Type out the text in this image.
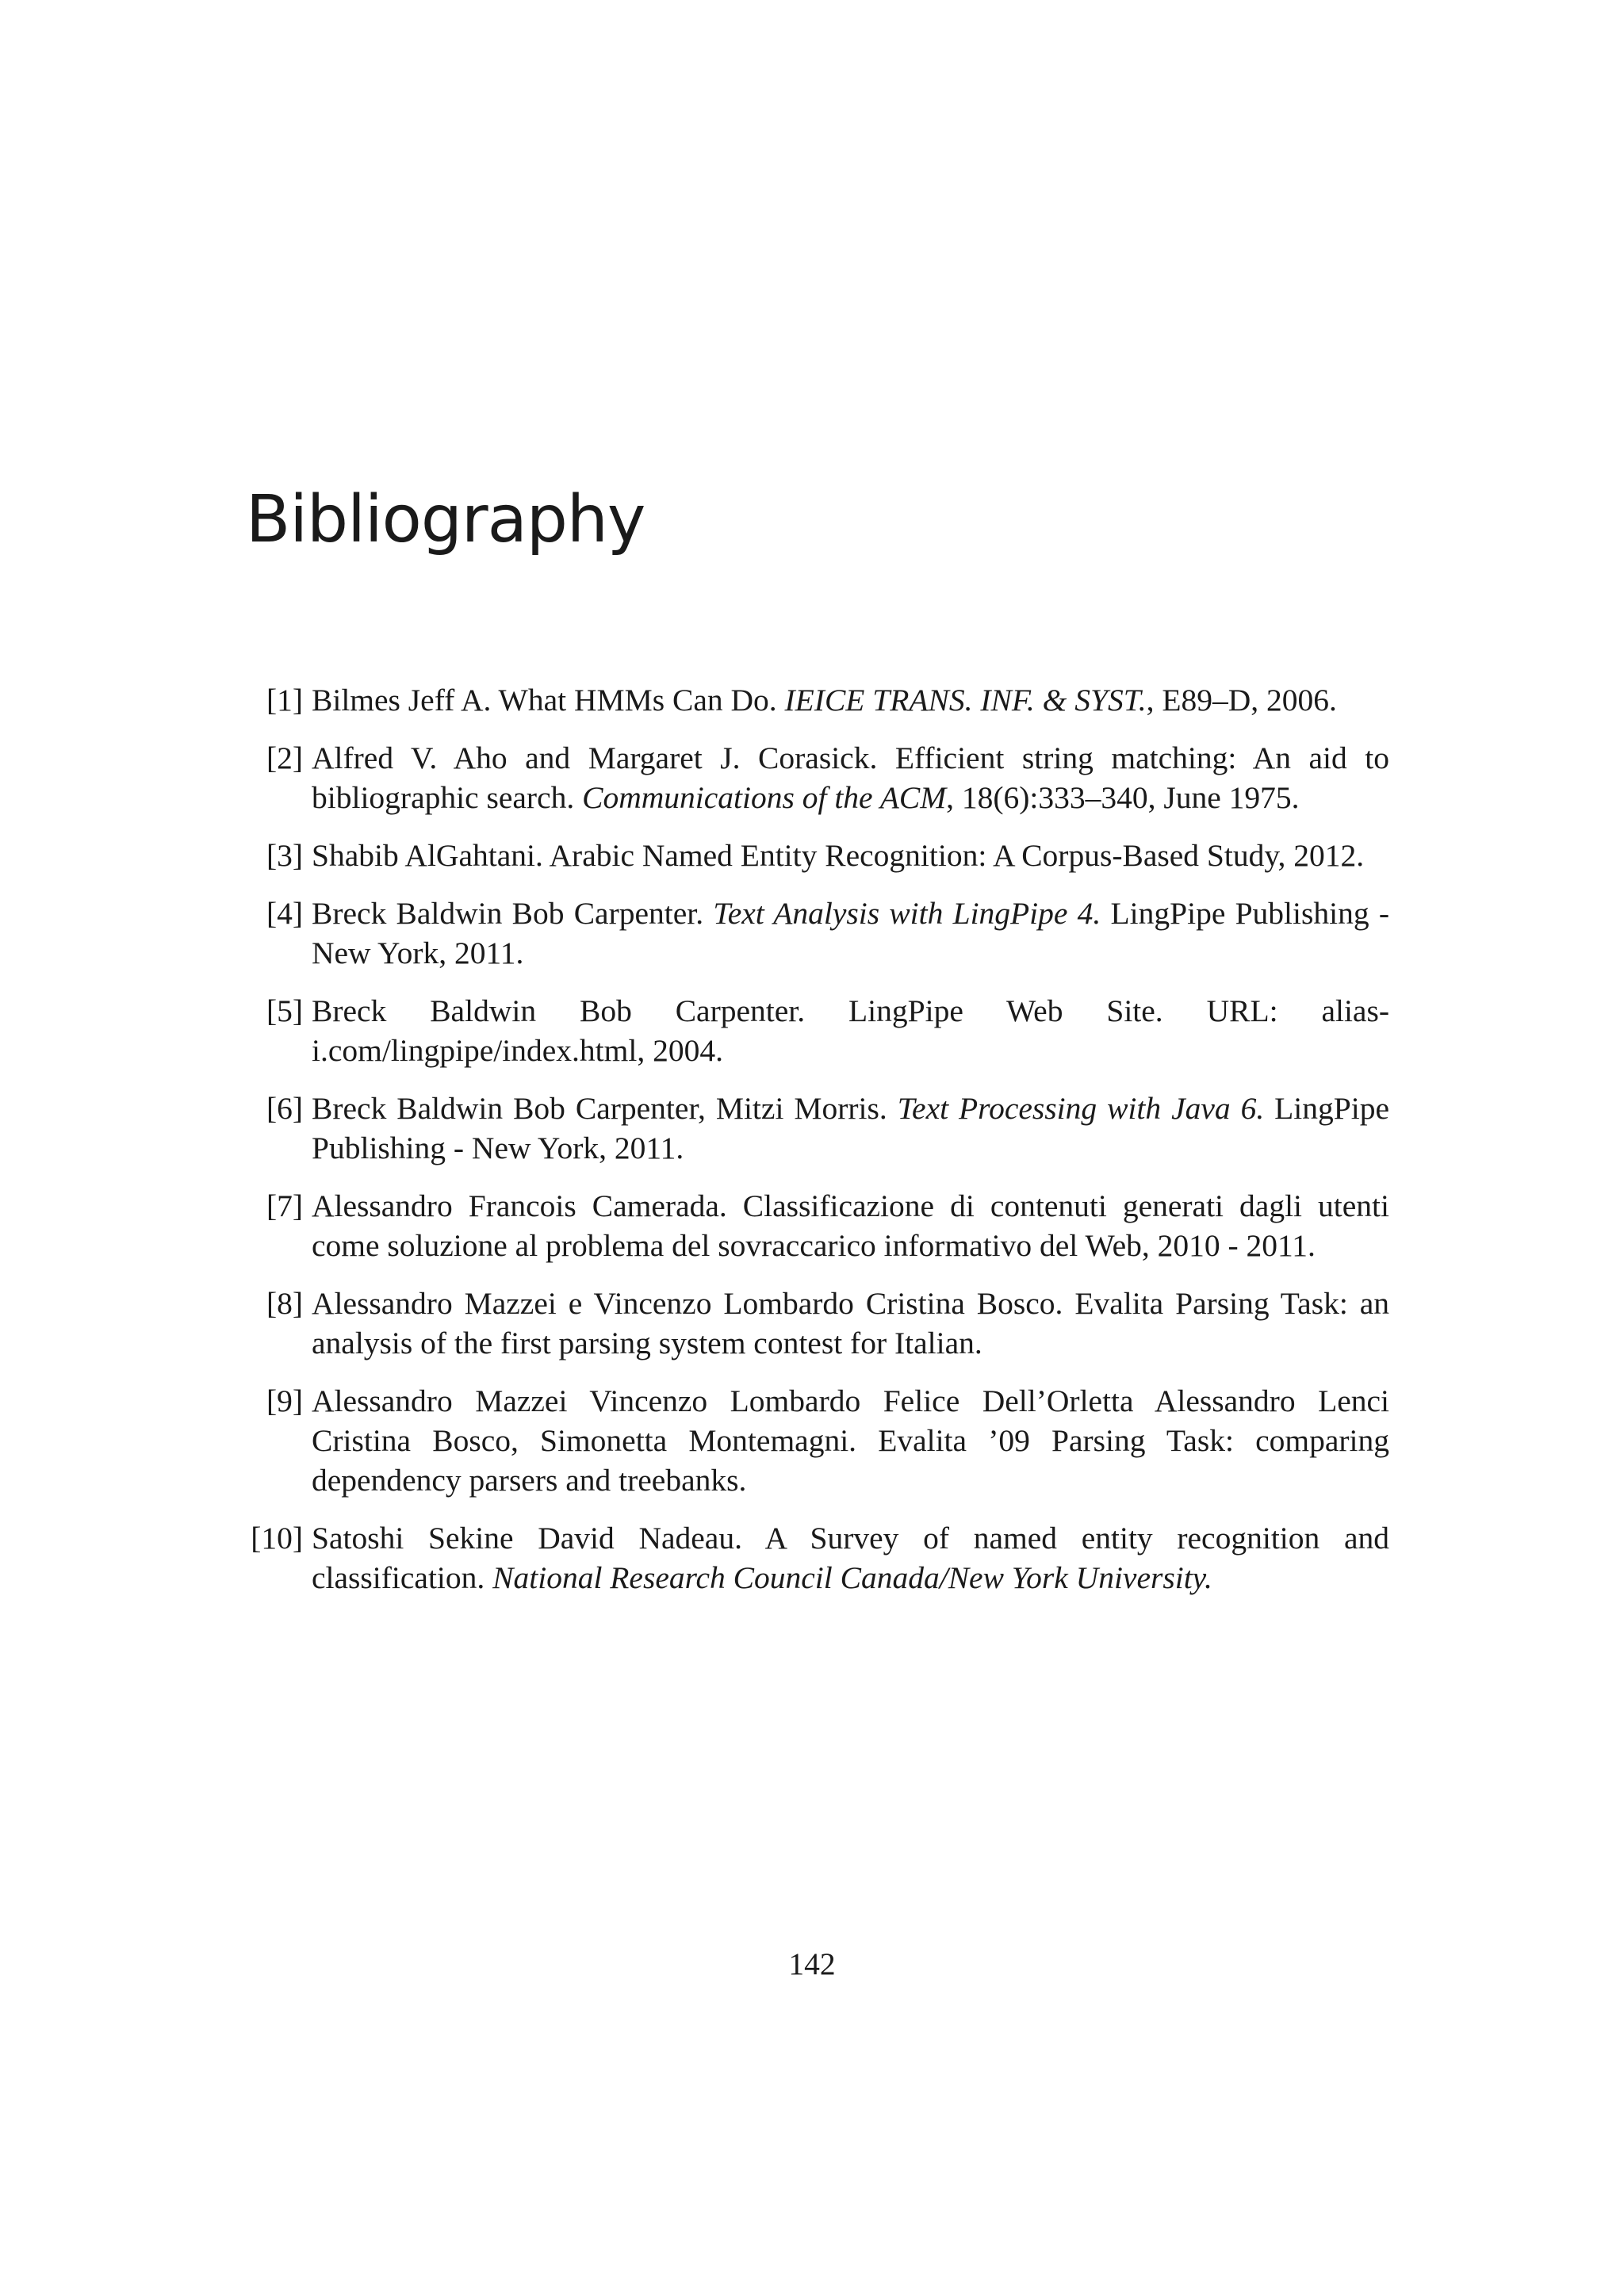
Bibliography
[1] Bilmes Jeff A. What HMMs Can Do. IEICE TRANS. INF. & SYST., E89–D, 2006.
[2] Alfred V. Aho and Margaret J. Corasick. Efficient string matching: An aid to bibliographic search. Communications of the ACM, 18(6):333–340, June 1975.
[3] Shabib AlGahtani. Arabic Named Entity Recognition: A Corpus-Based Study, 2012.
[4] Breck Baldwin Bob Carpenter. Text Analysis with LingPipe 4. LingPipe Publishing - New York, 2011.
[5] Breck Baldwin Bob Carpenter. LingPipe Web Site. URL: alias-i.com/lingpipe/index.html, 2004.
[6] Breck Baldwin Bob Carpenter, Mitzi Morris. Text Processing with Java 6. LingPipe Publishing - New York, 2011.
[7] Alessandro Francois Camerada. Classificazione di contenuti generati dagli utenti come soluzione al problema del sovraccarico informativo del Web, 2010 - 2011.
[8] Alessandro Mazzei e Vincenzo Lombardo Cristina Bosco. Evalita Parsing Task: an analysis of the first parsing system contest for Italian.
[9] Alessandro Mazzei Vincenzo Lombardo Felice Dell’Orletta Alessandro Lenci Cristina Bosco, Simonetta Montemagni. Evalita ’09 Parsing Task: comparing dependency parsers and treebanks.
[10] Satoshi Sekine David Nadeau. A Survey of named entity recognition and classification. National Research Council Canada/New York University.
142
